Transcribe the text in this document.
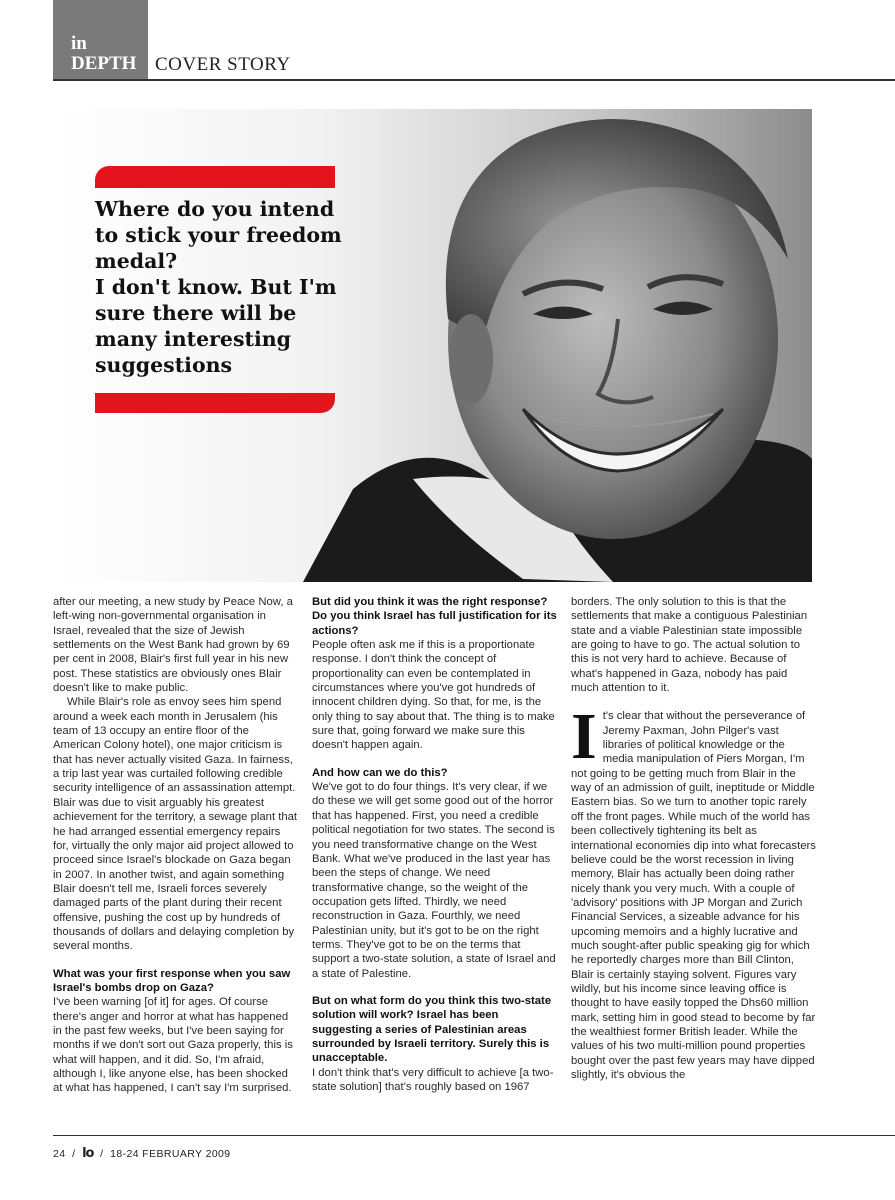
in
DEPTH COVER STORY
Where do you intend to stick your freedom medal?
I don't know. But I'm sure there will be many interesting suggestions

after our meeting, a new study by Peace Now, a left-wing non-governmental organisation in Israel, revealed that the size of Jewish settlements on the West Bank had grown by 69 per cent in 2008, Blair's first full year in his new post. These statistics are obviously ones Blair doesn't like to make public.

While Blair's role as envoy sees him spend around a week each month in Jerusalem (his team of 13 occupy an entire floor of the American Colony hotel), one major criticism is that has never actually visited Gaza. In fairness, a trip last year was curtailed following credible security intelligence of an assassination attempt. Blair was due to visit arguably his greatest achievement for the territory, a sewage plant that he had arranged essential emergency repairs for, virtually the only major aid project allowed to proceed since Israel's blockade on Gaza began in 2007. In another twist, and again something Blair doesn't tell me, Israeli forces severely damaged parts of the plant during their recent offensive, pushing the cost up by hundreds of thousands of dollars and delaying completion by several months.

What was your first response when you saw Israel's bombs drop on Gaza?

I've been warning [of it] for ages. Of course there's anger and horror at what has happened in the past few weeks, but I've been saying for months if we don't sort out Gaza properly, this is what will happen, and it did. So, I'm afraid, although I, like anyone else, has been shocked at what has happened, I can't say I'm surprised.

But did you think it was the right response? Do you think Israel has full justification for its actions?

People often ask me if this is a proportionate response. I don't think the concept of proportionality can even be contemplated in circumstances where you've got hundreds of innocent children dying. So that, for me, is the only thing to say about that. The thing is to make sure that, going forward we make sure this doesn't happen again.

And how can we do this?

We've got to do four things. It's very clear, if we do these we will get some good out of the horror that has happened. First, you need a credible political negotiation for two states. The second is you need transformative change on the West Bank. What we've produced in the last year has been the steps of change. We need transformative change, so the weight of the occupation gets lifted. Thirdly, we need reconstruction in Gaza. Fourthly, we need Palestinian unity, but it's got to be on the right terms. They've got to be on the terms that support a two-state solution, a state of Israel and a state of Palestine.

But on what form do you think this two-state solution will work? Israel has been suggesting a series of Palestinian areas surrounded by Israeli territory. Surely this is unacceptable.

I don't think that's very difficult to achieve [a two-state solution] that's roughly based on 1967

borders. The only solution to this is that the settlements that make a contiguous Palestinian state and a viable Palestinian state impossible are going to have to go. The actual solution to this is not very hard to achieve. Because of what's happened in Gaza, nobody has paid much attention to it.

I t's clear that without the perseverance of Jeremy Paxman, John Pilger's vast libraries of political knowledge or the media manipulation of Piers Morgan, I'm not going to be getting much from Blair in the way of an admission of guilt, ineptitude or Middle Eastern bias. So we turn to another topic rarely off the front pages. While much of the world has been collectively tightening its belt as international economies dip into what forecasters believe could be the worst recession in living memory, Blair has actually been doing rather nicely thank you very much. With a couple of 'advisory' positions with JP Morgan and Zurich Financial Services, a sizeable advance for his upcoming memoirs and a highly lucrative and much sought-after public speaking gig for which he reportedly charges more than Bill Clinton, Blair is certainly staying solvent. Figures vary wildly, but his income since leaving office is thought to have easily topped the Dhs60 million mark, setting him in good stead to become by far the wealthiest former British leader. While the values of his two multi-million pound properties bought over the past few years may have dipped slightly, it's obvious the
24 / lo / 18-24 FEBRUARY 2009
